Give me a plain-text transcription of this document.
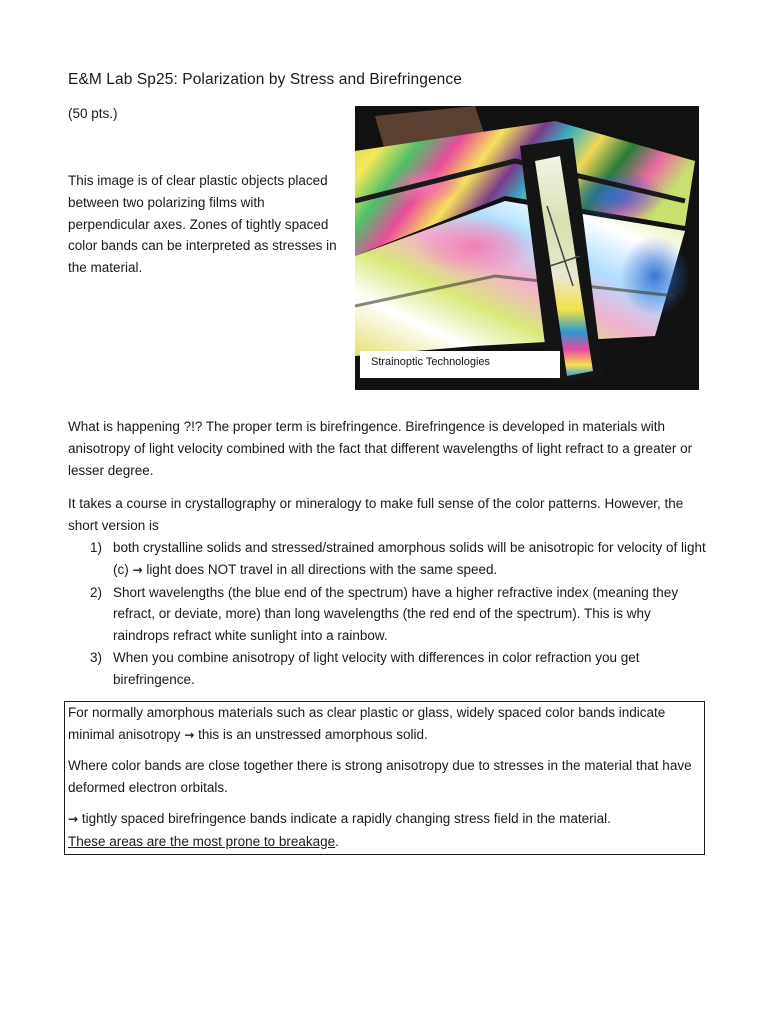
E&M Lab Sp25: Polarization by Stress and Birefringence
(50 pts.)
This image is of clear plastic objects placed between two polarizing films with perpendicular axes. Zones of tightly spaced color bands can be interpreted as stresses in the material.
Strainoptic Technologies

What is happening ?!? The proper term is birefringence. Birefringence is developed in materials with anisotropy of light velocity combined with the fact that different wavelengths of light refract to a greater or lesser degree.

It takes a course in crystallography or mineralogy to make full sense of the color patterns. However, the short version is

1) both crystalline solids and stressed/strained amorphous solids will be anisotropic for velocity of light (c) → light does NOT travel in all directions with the same speed.
2) Short wavelengths (the blue end of the spectrum) have a higher refractive index (meaning they refract, or deviate, more) than long wavelengths (the red end of the spectrum). This is why raindrops refract white sunlight into a rainbow.
3) When you combine anisotropy of light velocity with differences in color refraction you get birefringence.

For normally amorphous materials such as clear plastic or glass, widely spaced color bands indicate minimal anisotropy → this is an unstressed amorphous solid.

Where color bands are close together there is strong anisotropy due to stresses in the material that have deformed electron orbitals.

→ tightly spaced birefringence bands indicate a rapidly changing stress field in the material.
These areas are the most prone to breakage.
